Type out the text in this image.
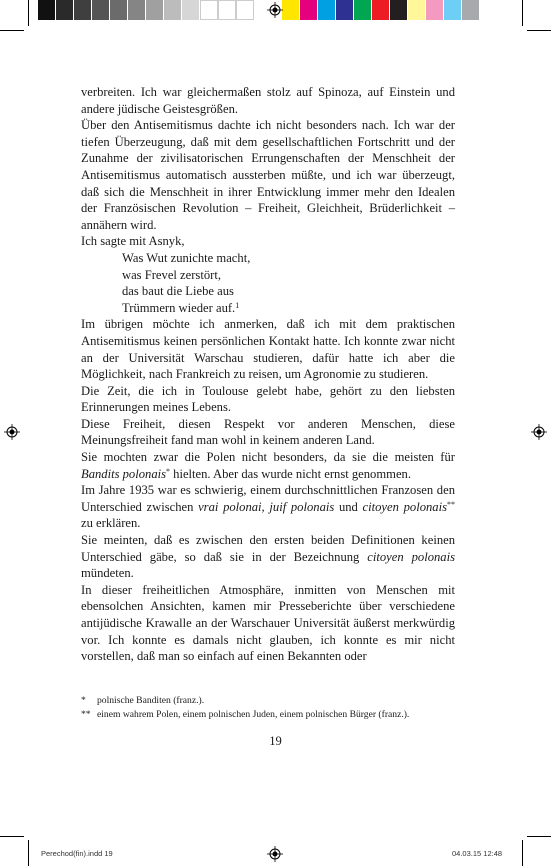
verbreiten. Ich war gleichermaßen stolz auf Spinoza, auf Einstein und andere jüdische Geistesgrößen.

Über den Antisemitismus dachte ich nicht besonders nach. Ich war der tiefen Überzeugung, daß mit dem gesellschaftlichen Fortschritt und der Zunahme der zivilisatorischen Errungenschaften der Menschheit der Antisemitismus automatisch aussterben müßte, und ich war überzeugt, daß sich die Menschheit in ihrer Entwicklung immer mehr den Idealen der Französischen Revolution – Freiheit, Gleichheit, Brüderlichkeit – annähern wird.

Ich sagte mit Asnyk,

Was Wut zunichte macht,
was Frevel zerstört,
das baut die Liebe aus
Trümmern wieder auf.$^1$

Im übrigen möchte ich anmerken, daß ich mit dem praktischen Antisemitismus keinen persönlichen Kontakt hatte. Ich konnte zwar nicht an der Universität Warschau studieren, dafür hatte ich aber die Möglichkeit, nach Frankreich zu reisen, um Agronomie zu studieren.

Die Zeit, die ich in Toulouse gelebt habe, gehört zu den liebsten Erinnerungen meines Lebens.

Diese Freiheit, diesen Respekt vor anderen Menschen, diese Meinungsfreiheit fand man wohl in keinem anderen Land.

Sie mochten zwar die Polen nicht besonders, da sie die meisten für Bandits polonais* hielten. Aber das wurde nicht ernst genommen.

Im Jahre 1935 war es schwierig, einem durchschnittlichen Franzosen den Unterschied zwischen vrai polonai, juif polonais und citoyen polonais** zu erklären.

Sie meinten, daß es zwischen den ersten beiden Definitionen keinen Unterschied gäbe, so daß sie in der Bezeichnung citoyen polonais mündeten.

In dieser freiheitlichen Atmosphäre, inmitten von Menschen mit ebensolchen Ansichten, kamen mir Presseberichte über verschiedene antijüdische Krawalle an der Warschauer Universität äußerst merkwürdig vor. Ich konnte es damals nicht glauben, ich konnte es mir nicht vorstellen, daß man so einfach auf einen Bekannten oder

*	polnische Banditen (franz.).
** einem wahrem Polen, einem polnischen Juden, einem polnischen Bürger (franz.).
19
Perechod(fin).indd 19	04.03.15 12:48
